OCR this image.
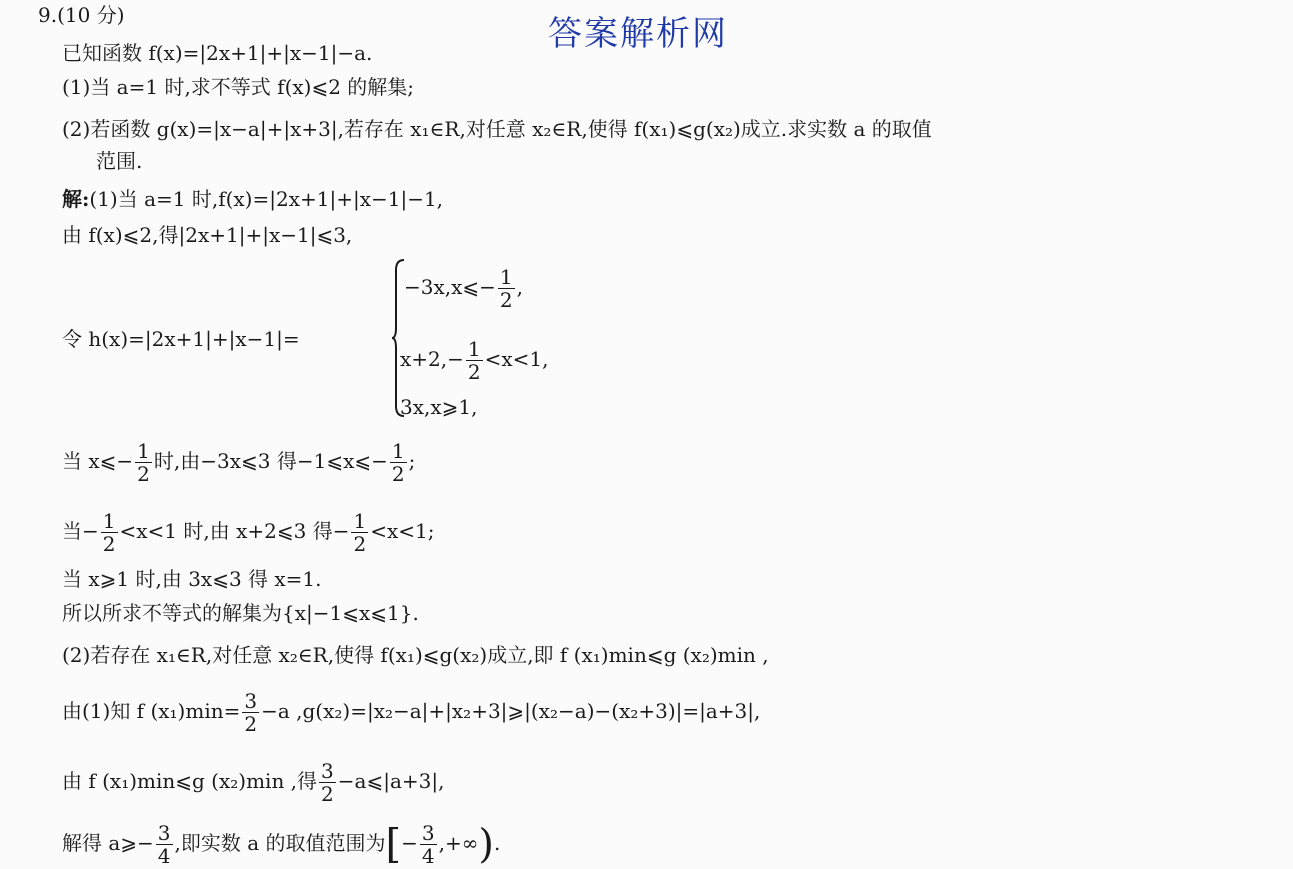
答案解析网
9.(10 分)
已知函数 f(x)=|2x+1|+|x−1|−a.
(1)当 a=1 时,求不等式 f(x)⩽2 的解集;
(2)若函数 g(x)=|x−a|+|x+3|,若存在 x₁∈R,对任意 x₂∈R,使得 f(x₁)⩽g(x₂)成立.求实数 a 的取值
范围.
解:(1)当 a=1 时,f(x)=|2x+1|+|x−1|−1,
由 f(x)⩽2,得|2x+1|+|x−1|⩽3,
令 h(x)=|2x+1|+|x−1|=
−3x,x⩽− $\frac{1}{2}$ ,
$x+2,- \frac{1}{2} <x<1$,
3x,x⩾1,
当 x⩽− $\frac{1}{2}$ 时,由−3x⩽3 得−1⩽x⩽− $\frac{1}{2}$ ;
当− $\frac{1}{2} <x<1$ 时,由 x+2⩽3 得− $\frac{1}{2} <x<1$;
当 x⩾1 时,由 3x⩽3 得 x=1.
所以所求不等式的解集为{x|−1⩽x⩽1}.
(2)若存在 x₁∈R,对任意 x₂∈R,使得 f(x₁)⩽g(x₂)成立,即 f (x₁)min⩽g (x₂)min ,
由(1)知 f $(x_1)\min= \frac{3}{2} -a$ ,g(x₂)=|x₂−a|+|x₂+3|⩾|(x₂−a)−(x₂+3)|=|a+3|,
由 f (x₁)min⩽g (x₂)min ,得 $\frac{3}{2}$ −a⩽|a+3|,
解得 a⩾− $\frac{3}{4}$ ,即实数 a 的取值范围为[− $\frac{3}{4}$ ,+∞).
